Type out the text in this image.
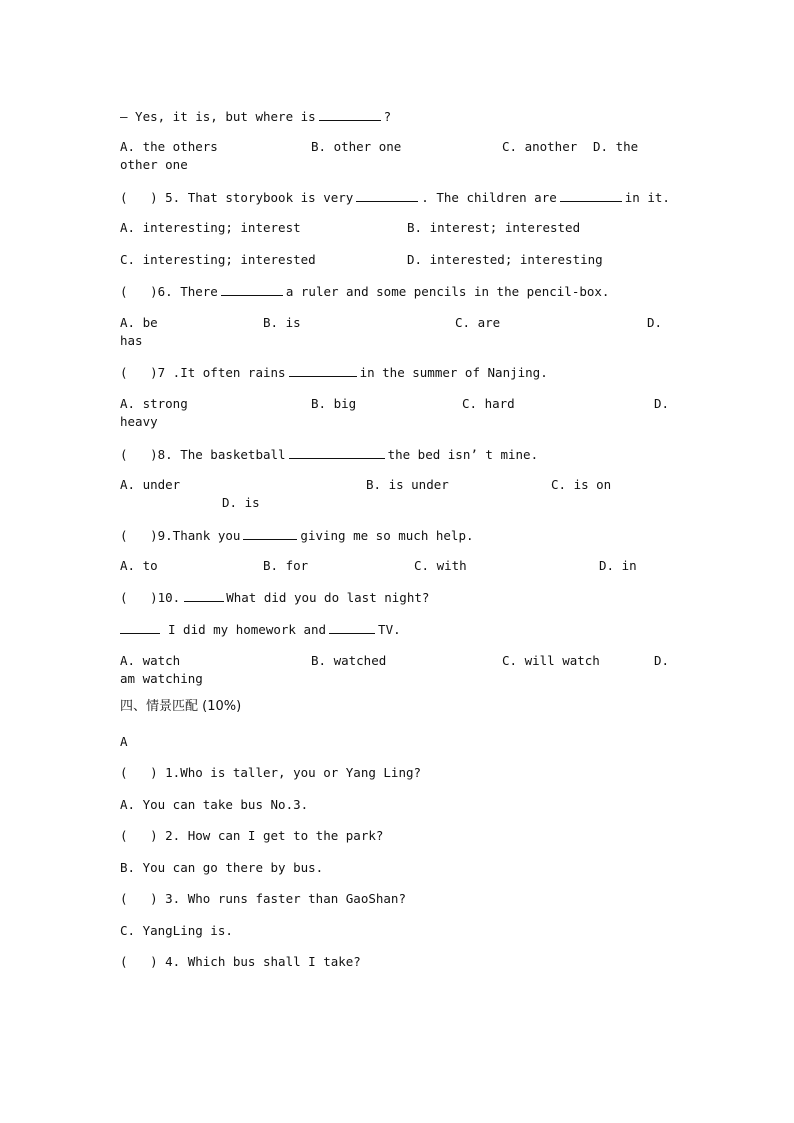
— Yes, it is, but where is	?
A. the others	B. other one	C. another D. the
other one
(   ) 5. That storybook is very	. The children are	in it.
A. interesting; interest	B. interest; interested
C. interesting; interested	D. interested; interesting
(   )6. There	a ruler and some pencils in the pencil-box.
A. be	B. is	C. are	D.
has
(   )7 .It often rains	in the summer of Nanjing.
A. strong	B. big	C. hard	D.
heavy
(   )8. The basketball	the bed isn’ t mine.
A. under	B. is under	C. is on
D. is
(   )9.Thank you	giving me so much help.
A. to	B. for	C. with	D. in
(   )10.	What did you do last night?
I did my homework and	TV.
A. watch	B. watched	C. will watch	D.
am watching
四、情景匹配 (10%)
A
(   ) 1.Who is taller, you or Yang Ling?
A. You can take bus No.3.
(   ) 2. How can I get to the park?
B. You can go there by bus.
(   ) 3. Who runs faster than GaoShan?
C. YangLing is.
(   ) 4. Which bus shall I take?
